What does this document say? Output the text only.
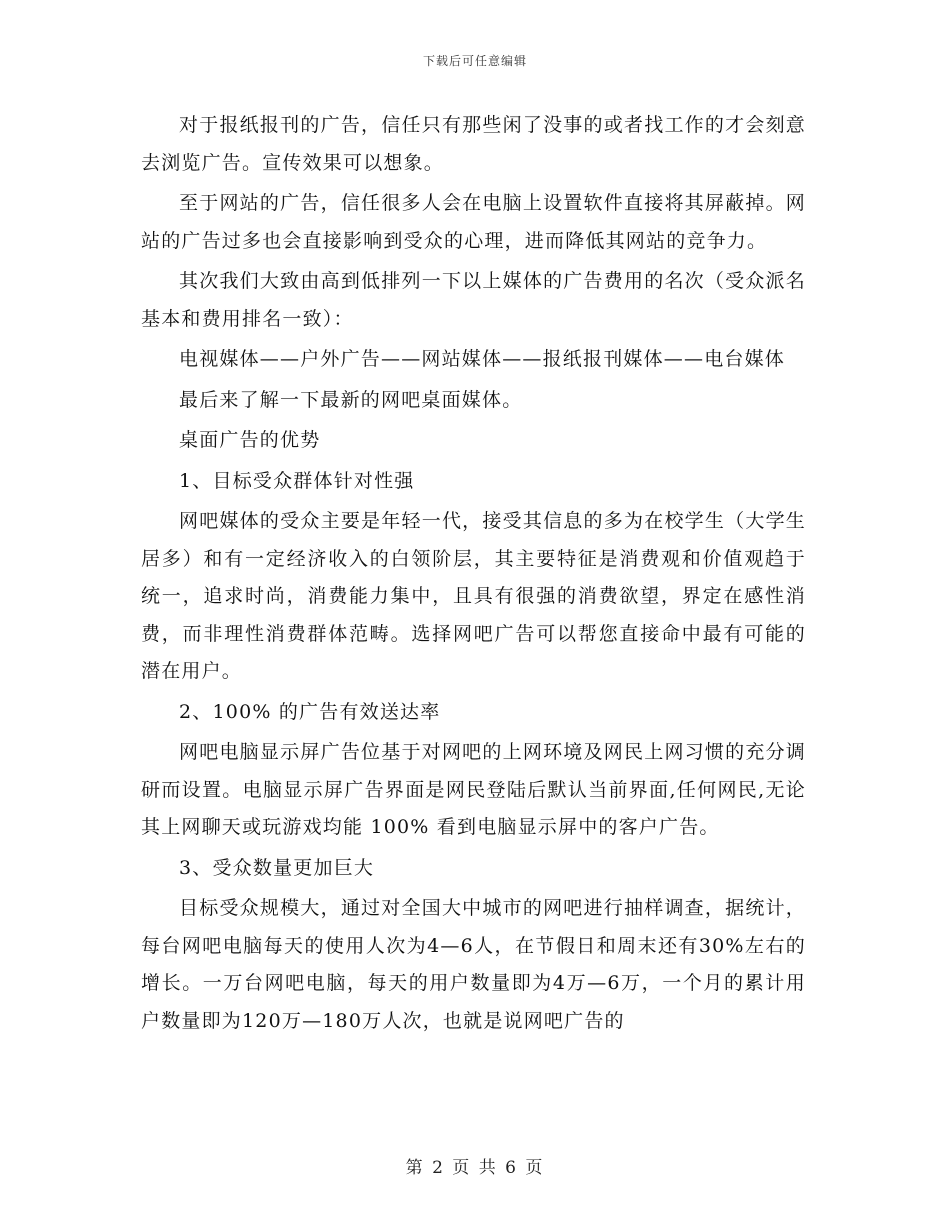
下载后可任意编辑

对于报纸报刊的广告，信任只有那些闲了没事的或者找工作的才会刻意去浏览广告。宣传效果可以想象。

至于网站的广告，信任很多人会在电脑上设置软件直接将其屏蔽掉。网站的广告过多也会直接影响到受众的心理，进而降低其网站的竞争力。

其次我们大致由高到低排列一下以上媒体的广告费用的名次（受众派名基本和费用排名一致）：

电视媒体——户外广告——网站媒体——报纸报刊媒体——电台媒体

最后来了解一下最新的网吧桌面媒体。

桌面广告的优势

1、目标受众群体针对性强

网吧媒体的受众主要是年轻一代，接受其信息的多为在校学生（大学生居多）和有一定经济收入的白领阶层，其主要特征是消费观和价值观趋于统一，追求时尚，消费能力集中，且具有很强的消费欲望，界定在感性消费，而非理性消费群体范畴。选择网吧广告可以帮您直接命中最有可能的潜在用户。

2、100% 的广告有效送达率

网吧电脑显示屏广告位基于对网吧的上网环境及网民上网习惯的充分调研而设置。电脑显示屏广告界面是网民登陆后默认当前界面,任何网民,无论其上网聊天或玩游戏均能 100% 看到电脑显示屏中的客户广告。

3、受众数量更加巨大

目标受众规模大，通过对全国大中城市的网吧进行抽样调查，据统计，每台网吧电脑每天的使用人次为4—6人，在节假日和周末还有30%左右的增长。一万台网吧电脑，每天的用户数量即为4万—6万，一个月的累计用户数量即为120万—180万人次，也就是说网吧广告的

第 2 页 共 6 页
